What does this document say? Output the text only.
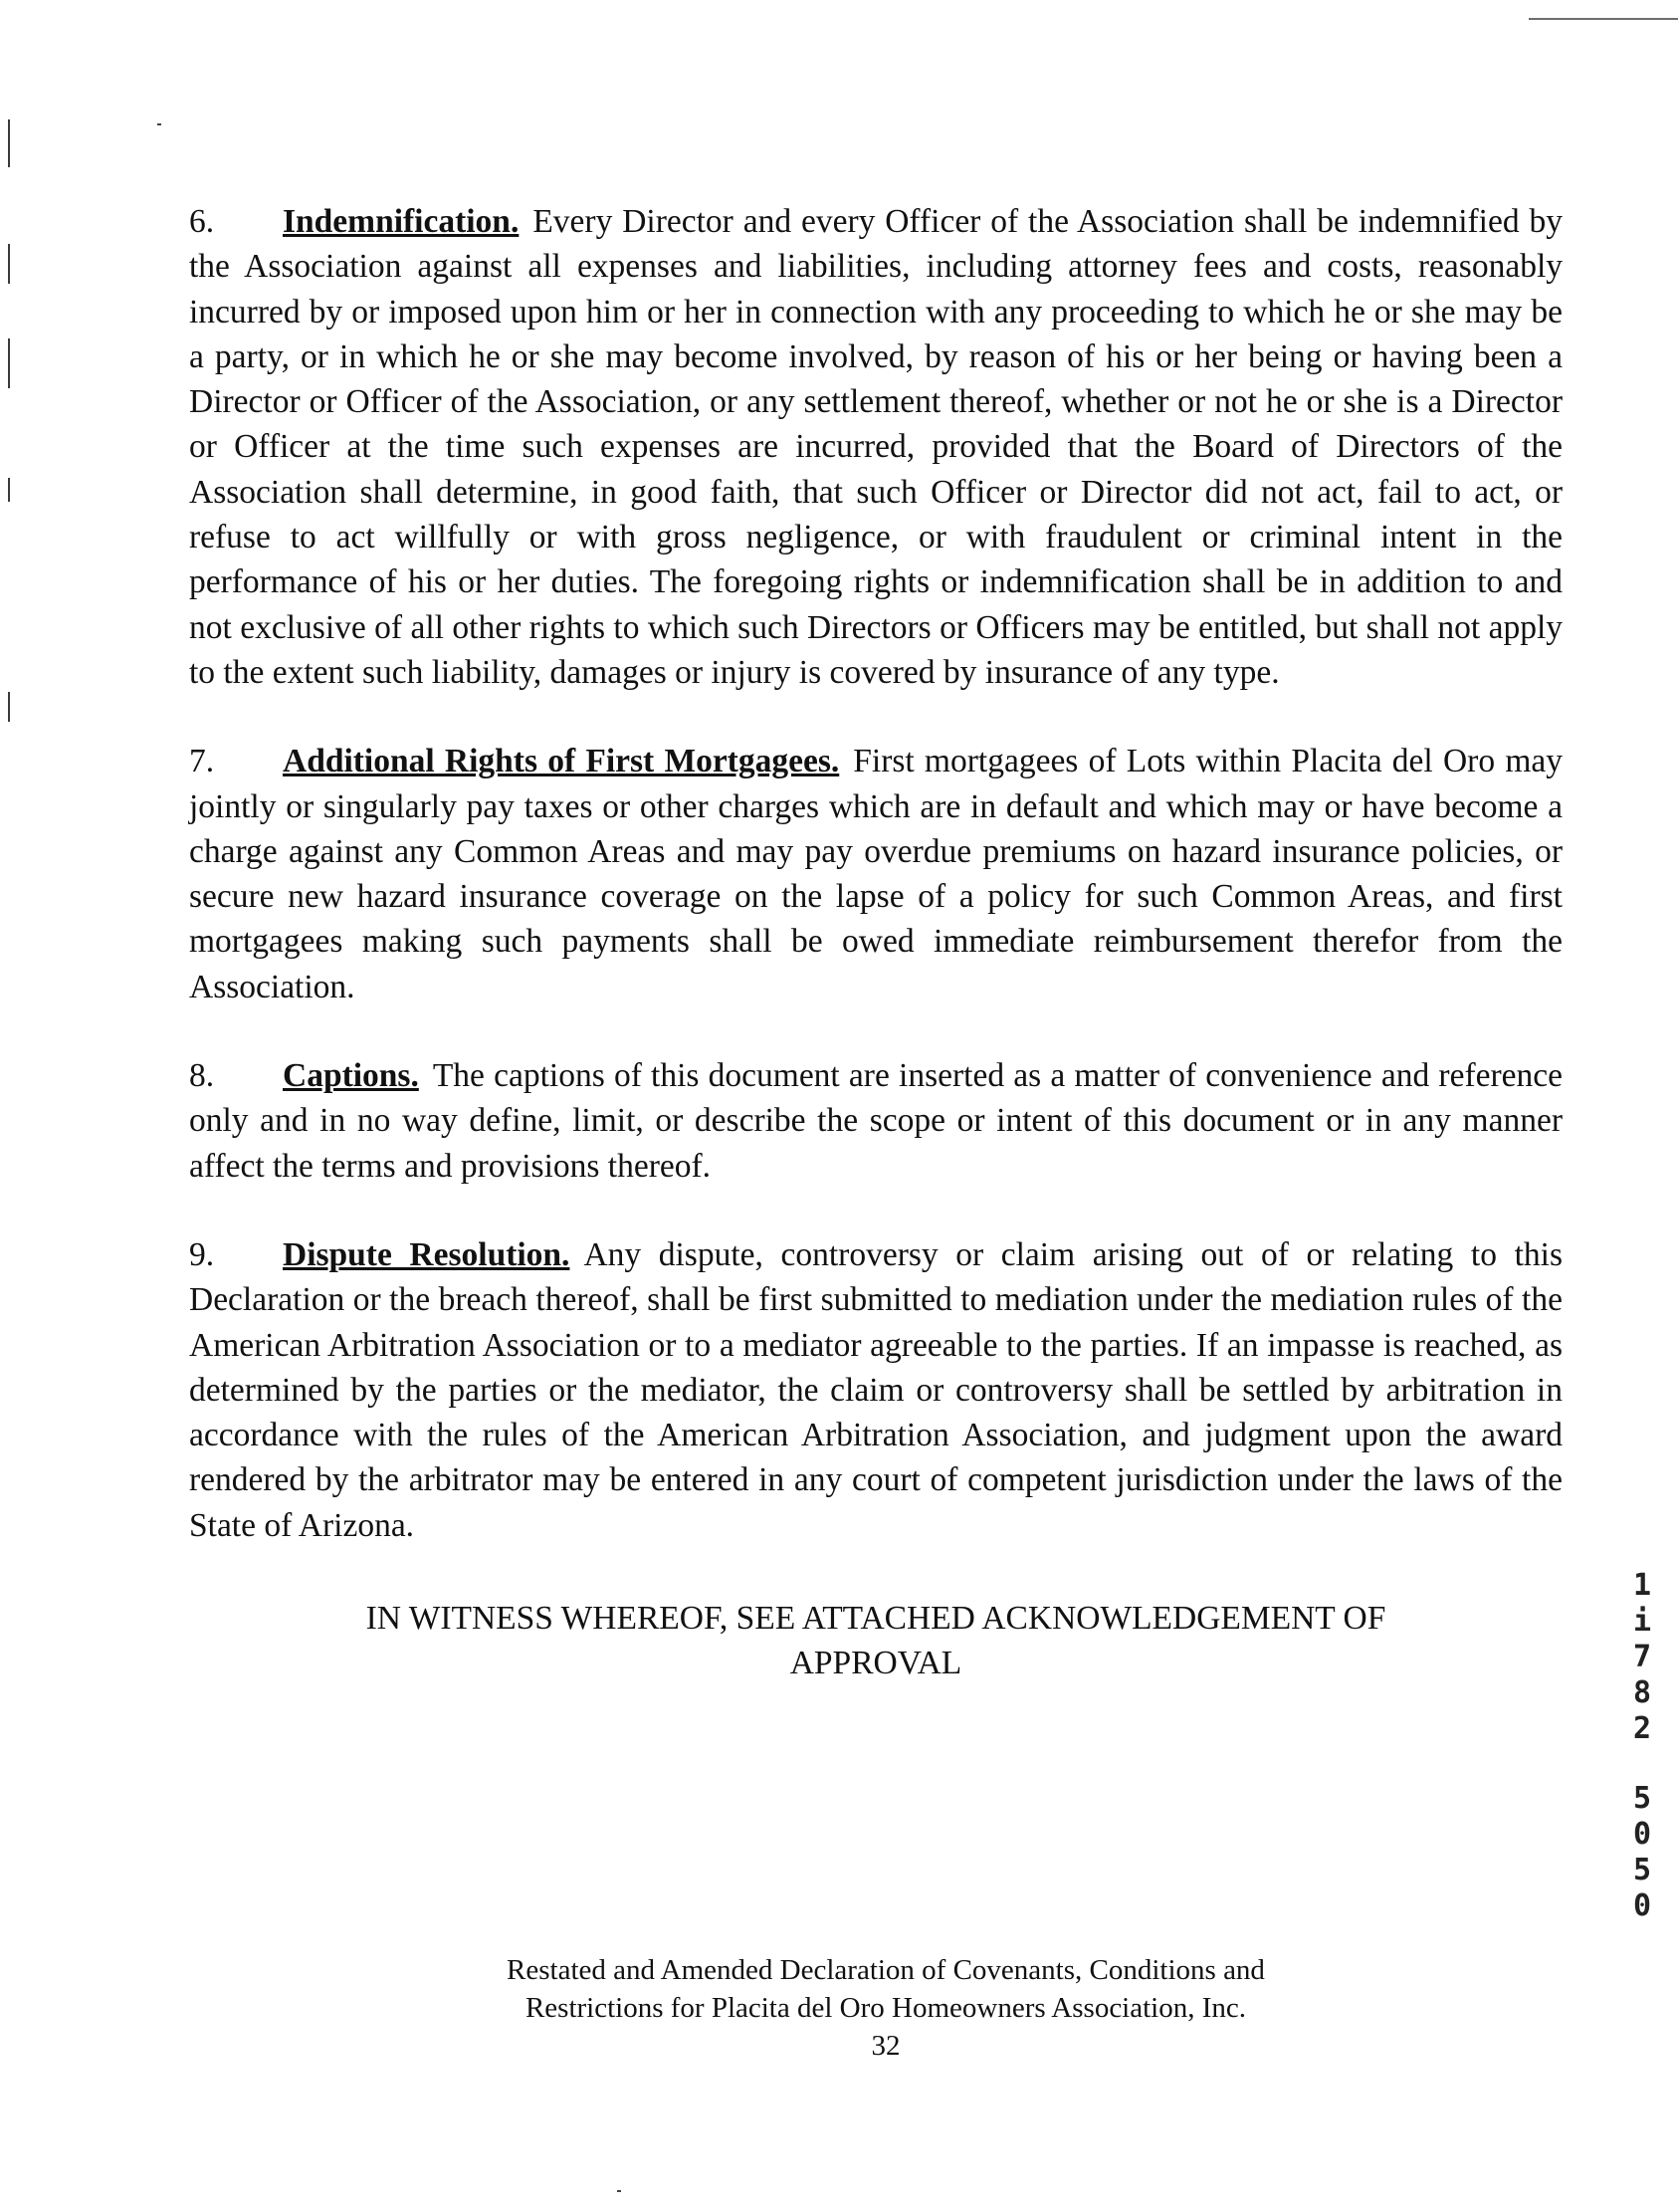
6. Indemnification. Every Director and every Officer of the Association shall be indemnified by the Association against all expenses and liabilities, including attorney fees and costs, reasonably incurred by or imposed upon him or her in connection with any proceeding to which he or she may be a party, or in which he or she may become involved, by reason of his or her being or having been a Director or Officer of the Association, or any settlement thereof, whether or not he or she is a Director or Officer at the time such expenses are incurred, provided that the Board of Directors of the Association shall determine, in good faith, that such Officer or Director did not act, fail to act, or refuse to act willfully or with gross negligence, or with fraudulent or criminal intent in the performance of his or her duties. The foregoing rights or indemnification shall be in addition to and not exclusive of all other rights to which such Directors or Officers may be entitled, but shall not apply to the extent such liability, damages or injury is covered by insurance of any type.

7. Additional Rights of First Mortgagees. First mortgagees of Lots within Placita del Oro may jointly or singularly pay taxes or other charges which are in default and which may or have become a charge against any Common Areas and may pay overdue premiums on hazard insurance policies, or secure new hazard insurance coverage on the lapse of a policy for such Common Areas, and first mortgagees making such payments shall be owed immediate reimbursement therefor from the Association.

8. Captions. The captions of this document are inserted as a matter of convenience and reference only and in no way define, limit, or describe the scope or intent of this document or in any manner affect the terms and provisions thereof.

9. Dispute Resolution. Any dispute, controversy or claim arising out of or relating to this Declaration or the breach thereof, shall be first submitted to mediation under the mediation rules of the American Arbitration Association or to a mediator agreeable to the parties. If an impasse is reached, as determined by the parties or the mediator, the claim or controversy shall be settled by arbitration in accordance with the rules of the American Arbitration Association, and judgment upon the award rendered by the arbitrator may be entered in any court of competent jurisdiction under the laws of the State of Arizona.

IN WITNESS WHEREOF, SEE ATTACHED ACKNOWLEDGEMENT OF
APPROVAL

Restated and Amended Declaration of Covenants, Conditions and

Restrictions for Placita del Oro Homeowners Association, Inc.

32

1
i
7
8
2
5
0
5
0
